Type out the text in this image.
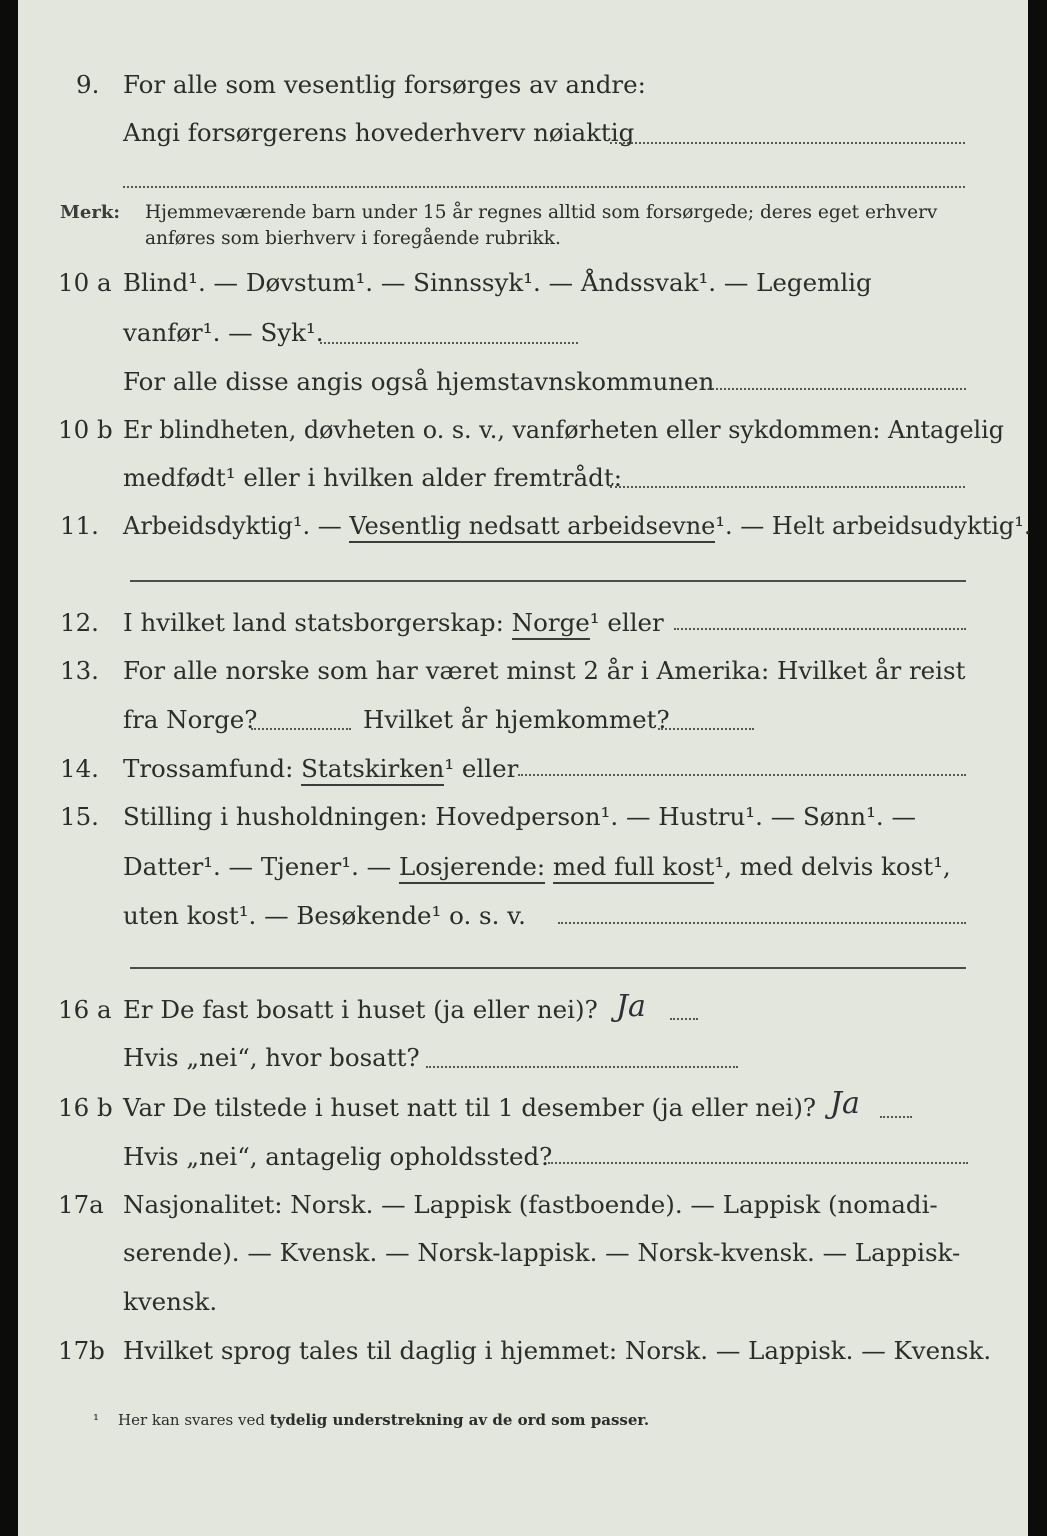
9. For alle som vesentlig forsørges av andre:
Angi forsørgerens hovederhverv nøiaktig
Merk: Hjemmeværende barn under 15 år regnes alltid som forsørgede; deres eget erhverv
anføres som bierhverv i foregående rubrikk.
10 a Blind¹. — Døvstum¹. — Sinnssyk¹. — Åndssvak¹. — Legemlig
vanfør¹. — Syk¹.
For alle disse angis også hjemstavnskommunen
10 b Er blindheten, døvheten o. s. v., vanførheten eller sykdommen: Antagelig
medfødt¹ eller i hvilken alder fremtrådt:
11. Arbeidsdyktig¹. — Vesentlig nedsatt arbeidsevne¹. — Helt arbeidsudyktig¹.
12. I hvilket land statsborgerskap: Norge¹ eller
13. For alle norske som har været minst 2 år i Amerika: Hvilket år reist
fra Norge?	Hvilket år hjemkommet?
14. Trossamfund: Statskirken¹ eller
15. Stilling i husholdningen: Hovedperson¹. — Hustru¹. — Sønn¹. —
Datter¹. — Tjener¹. — Losjerende: med full kost¹, med delvis kost¹,
uten kost¹. — Besøkende¹ o. s. v.
16 a Er De fast bosatt i huset (ja eller nei)? Ja
Hvis „nei“, hvor bosatt?
16 b Var De tilstede i huset natt til 1 desember (ja eller nei)? Ja
Hvis „nei“, antagelig opholdssted?
17a Nasjonalitet: Norsk. — Lappisk (fastboende). — Lappisk (nomadi-
serende). — Kvensk. — Norsk-lappisk. — Norsk-kvensk. — Lappisk-
kvensk.
17b Hvilket sprog tales til daglig i hjemmet: Norsk. — Lappisk. — Kvensk.
¹ Her kan svares ved tydelig understrekning av de ord som passer.
